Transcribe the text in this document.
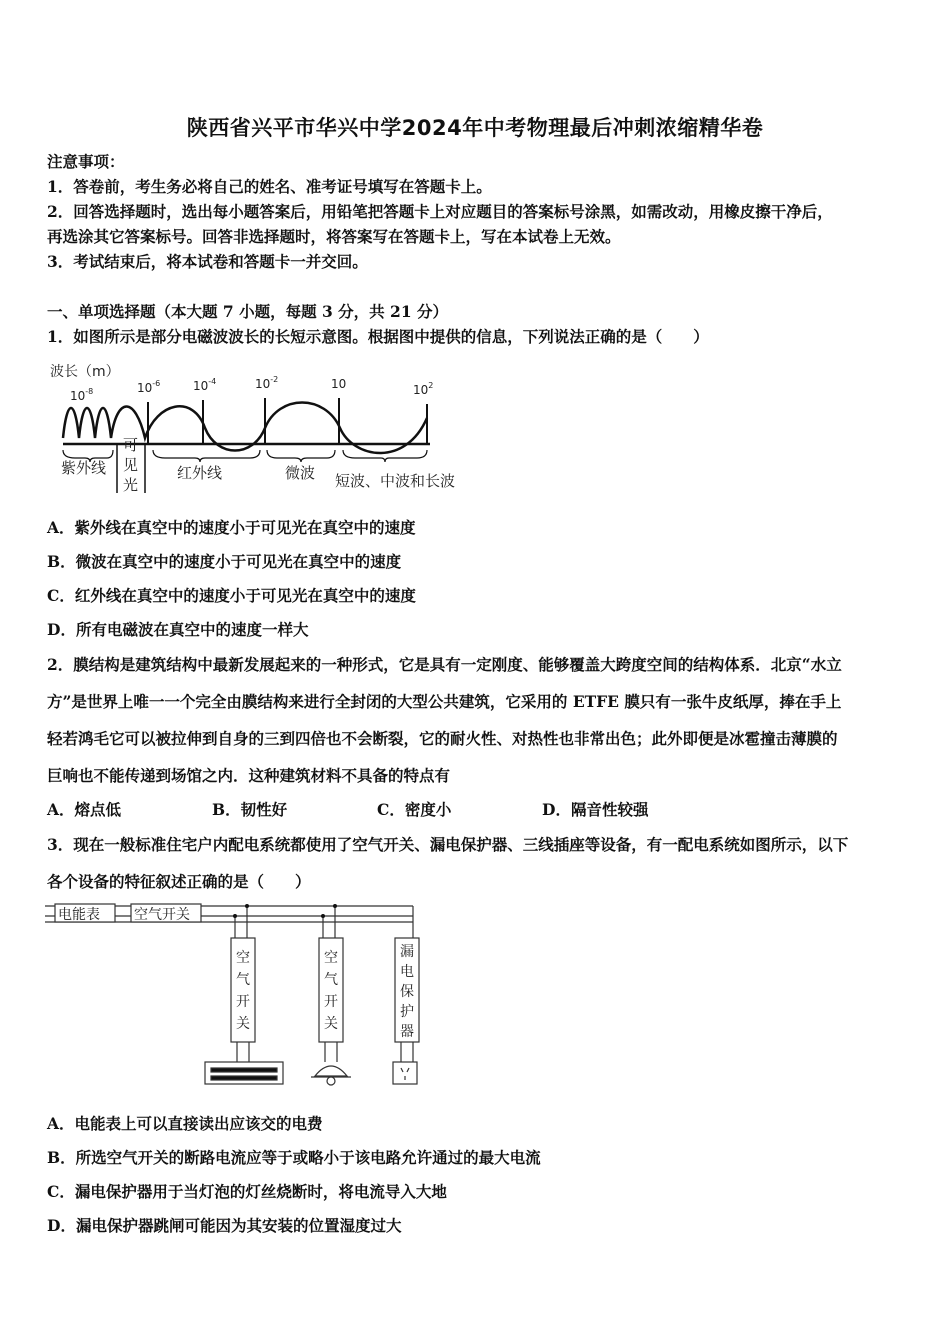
陕西省兴平市华兴中学2024年中考物理最后冲刺浓缩精华卷
注意事项：
1．答卷前，考生务必将自己的姓名、准考证号填写在答题卡上。
2．回答选择题时，选出每小题答案后，用铅笔把答题卡上对应题目的答案标号涂黑，如需改动，用橡皮擦干净后，
再选涂其它答案标号。回答非选择题时，将答案写在答题卡上，写在本试卷上无效。
3．考试结束后，将本试卷和答题卡一并交回。
一、单项选择题（本大题 7 小题，每题 3 分，共 21 分）
1．如图所示是部分电磁波波长的长短示意图。根据图中提供的信息，下列说法正确的是（　　）
波长（m）
$10^{-8}$	$10^{-6}$	$10^{-4}$	$10^{-2}$	10	$10^2$
紫外线
可
见
光
红外线	微波 短波、中波和长波
A．紫外线在真空中的速度小于可见光在真空中的速度
B．微波在真空中的速度小于可见光在真空中的速度
C．红外线在真空中的速度小于可见光在真空中的速度
D．所有电磁波在真空中的速度一样大
2．膜结构是建筑结构中最新发展起来的一种形式，它是具有一定刚度、能够覆盖大跨度空间的结构体系．北京“水立
方”是世界上唯一一个完全由膜结构来进行全封闭的大型公共建筑，它采用的 ETFE 膜只有一张牛皮纸厚，捧在手上
轻若鸿毛它可以被拉伸到自身的三到四倍也不会断裂，它的耐火性、对热性也非常出色；此外即便是冰雹撞击薄膜的
巨响也不能传递到场馆之内．这种建筑材料不具备的特点有
A．熔点低	B．韧性好	C．密度小	D．隔音性较强
3．现在一般标准住宅户内配电系统都使用了空气开关、漏电保护器、三线插座等设备，有一配电系统如图所示，以下
各个设备的特征叙述正确的是（　　）
电能表 空气开关
空
气
开
关
空
气
开
关
漏
电
保
护
器
A．电能表上可以直接读出应该交的电费
B．所选空气开关的断路电流应等于或略小于该电路允许通过的最大电流
C．漏电保护器用于当灯泡的灯丝烧断时，将电流导入大地
D．漏电保护器跳闸可能因为其安装的位置湿度过大
